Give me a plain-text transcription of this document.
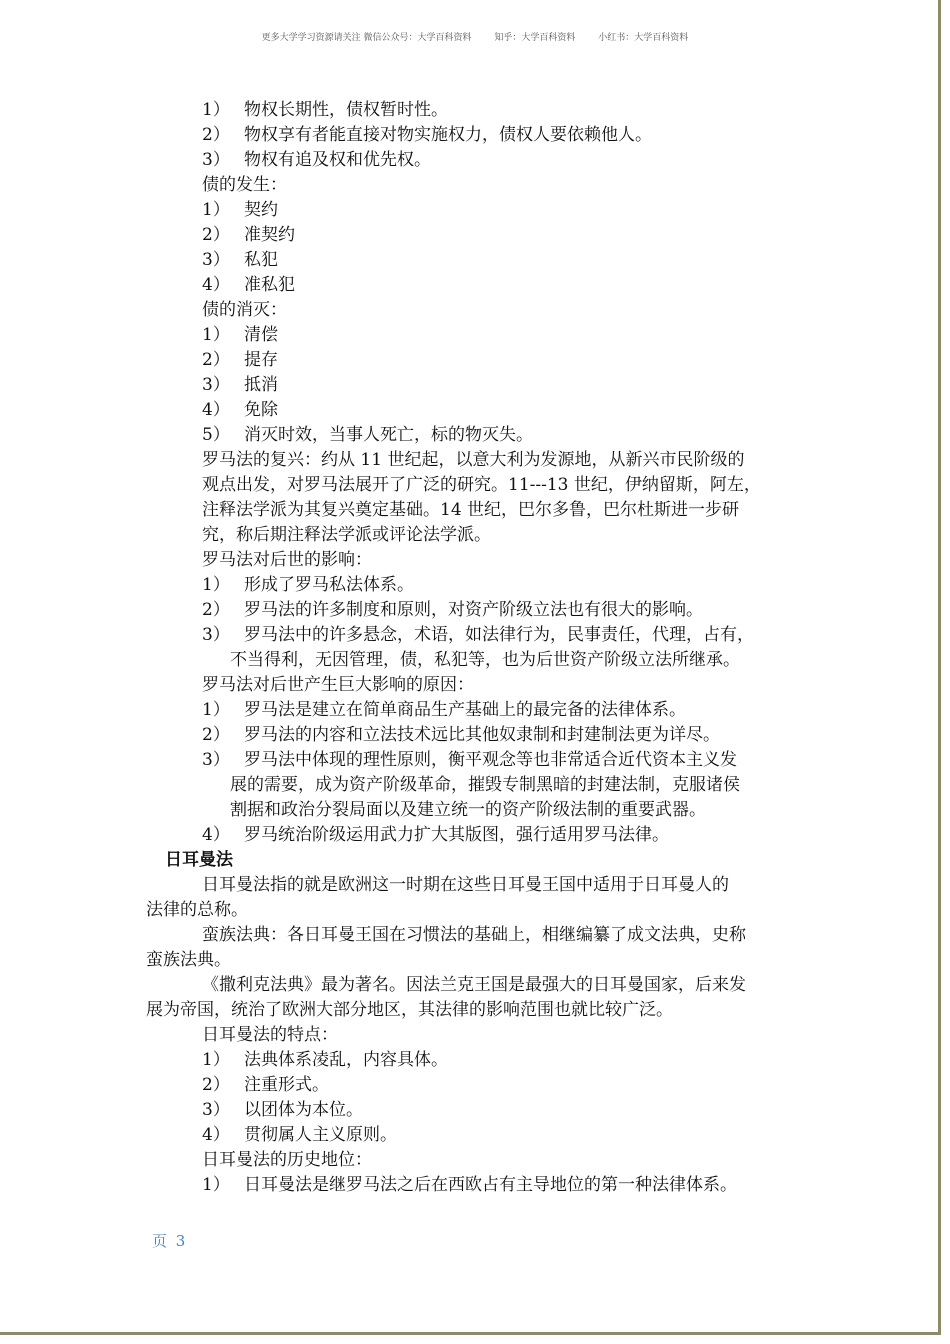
更多大学学习资源请关注 微信公众号：大学百科资料        知乎：大学百科资料        小红书：大学百科资料
1） 物权长期性，债权暂时性。
2） 物权享有者能直接对物实施权力，债权人要依赖他人。
3） 物权有追及权和优先权。
债的发生：
1） 契约
2） 准契约
3） 私犯
4） 准私犯
债的消灭：
1） 清偿
2） 提存
3） 抵消
4） 免除
5） 消灭时效，当事人死亡，标的物灭失。
罗马法的复兴：约从 11 世纪起，以意大利为发源地，从新兴市民阶级的
观点出发，对罗马法展开了广泛的研究。11---13 世纪，伊纳留斯，阿左，
注释法学派为其复兴奠定基础。14 世纪，巴尔多鲁，巴尔杜斯进一步研
究，称后期注释法学派或评论法学派。
罗马法对后世的影响：
1） 形成了罗马私法体系。
2） 罗马法的许多制度和原则，对资产阶级立法也有很大的影响。
3） 罗马法中的许多悬念，术语，如法律行为，民事责任，代理，占有，
不当得利，无因管理，债，私犯等，也为后世资产阶级立法所继承。
罗马法对后世产生巨大影响的原因：
1） 罗马法是建立在简单商品生产基础上的最完备的法律体系。
2） 罗马法的内容和立法技术远比其他奴隶制和封建制法更为详尽。
3） 罗马法中体现的理性原则，衡平观念等也非常适合近代资本主义发
展的需要，成为资产阶级革命，摧毁专制黑暗的封建法制，克服诸侯
割据和政治分裂局面以及建立统一的资产阶级法制的重要武器。
4） 罗马统治阶级运用武力扩大其版图，强行适用罗马法律。
日耳曼法
日耳曼法指的就是欧洲这一时期在这些日耳曼王国中适用于日耳曼人的
法律的总称。
蛮族法典：各日耳曼王国在习惯法的基础上，相继编纂了成文法典，史称
蛮族法典。
《撒利克法典》最为著名。因法兰克王国是最强大的日耳曼国家，后来发
展为帝国，统治了欧洲大部分地区，其法律的影响范围也就比较广泛。
日耳曼法的特点：
1） 法典体系凌乱，内容具体。
2） 注重形式。
3） 以团体为本位。
4） 贯彻属人主义原则。
日耳曼法的历史地位：
1） 日耳曼法是继罗马法之后在西欧占有主导地位的第一种法律体系。
页 3
